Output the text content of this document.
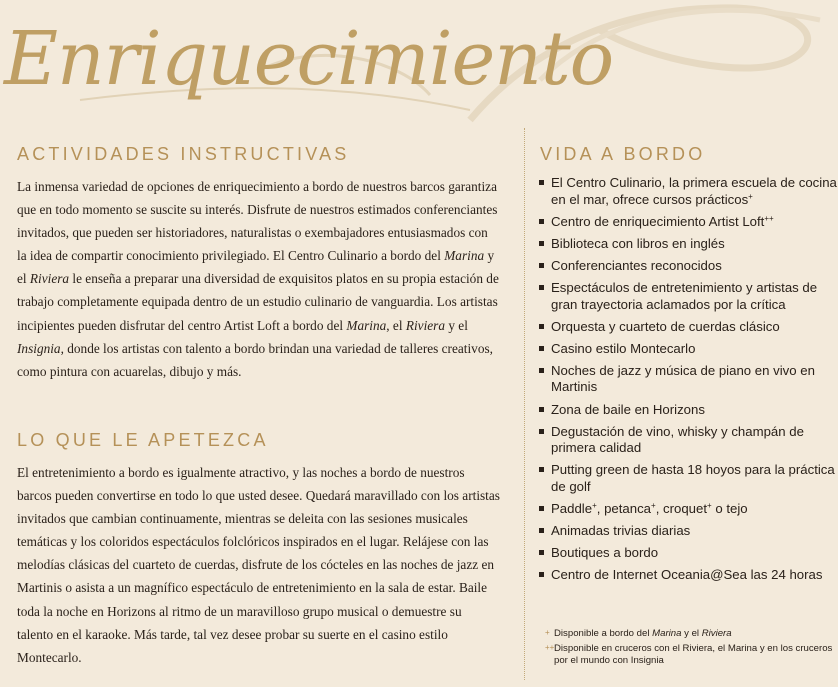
Enriquecimiento
ACTIVIDADES INSTRUCTIVAS

La inmensa variedad de opciones de enriquecimiento a bordo de nuestros barcos garantiza que en todo momento se suscite su interés. Disfrute de nuestros estimados conferenciantes invitados, que pueden ser historiadores, naturalistas o exembajadores entusiasmados con la idea de compartir conocimiento privilegiado. El Centro Culinario a bordo del Marina y el Riviera le enseña a preparar una diversidad de exquisitos platos en su propia estación de trabajo completamente equipada dentro de un estudio culinario de vanguardia. Los artistas incipientes pueden disfrutar del centro Artist Loft a bordo del Marina, el Riviera y el Insignia, donde los artistas con talento a bordo brindan una variedad de talleres creativos, como pintura con acuarelas, dibujo y más.

LO QUE LE APETEZCA

El entretenimiento a bordo es igualmente atractivo, y las noches a bordo de nuestros barcos pueden convertirse en todo lo que usted desee. Quedará maravillado con los artistas invitados que cambian continuamente, mientras se deleita con las sesiones musicales temáticas y los coloridos espectáculos folclóricos inspirados en el lugar. Relájese con las melodías clásicas del cuarteto de cuerdas, disfrute de los cócteles en las noches de jazz en Martinis o asista a un magnífico espectáculo de entretenimiento en la sala de estar. Baile toda la noche en Horizons al ritmo de un maravilloso grupo musical o demuestre su talento en el karaoke. Más tarde, tal vez desee probar su suerte en el casino estilo Montecarlo.

VIDA A BORDO
El Centro Culinario, la primera escuela de cocina en el mar, ofrece cursos prácticos+
Centro de enriquecimiento Artist Loft++
Biblioteca con libros en inglés
Conferenciantes reconocidos
Espectáculos de entretenimiento y artistas de gran trayectoria aclamados por la crítica
Orquesta y cuarteto de cuerdas clásico
Casino estilo Montecarlo
Noches de jazz y música de piano en vivo en Martinis
Zona de baile en Horizons
Degustación de vino, whisky y champán de primera calidad
Putting green de hasta 18 hoyos para la práctica de golf
Paddle+, petanca+, croquet+ o tejo
Animadas trivias diarias
Boutiques a bordo
Centro de Internet Oceania@Sea las 24 horas
+ Disponible a bordo del Marina y el Riviera
++ Disponible en cruceros con el Riviera, el Marina y en los cruceros por el mundo con Insignia
